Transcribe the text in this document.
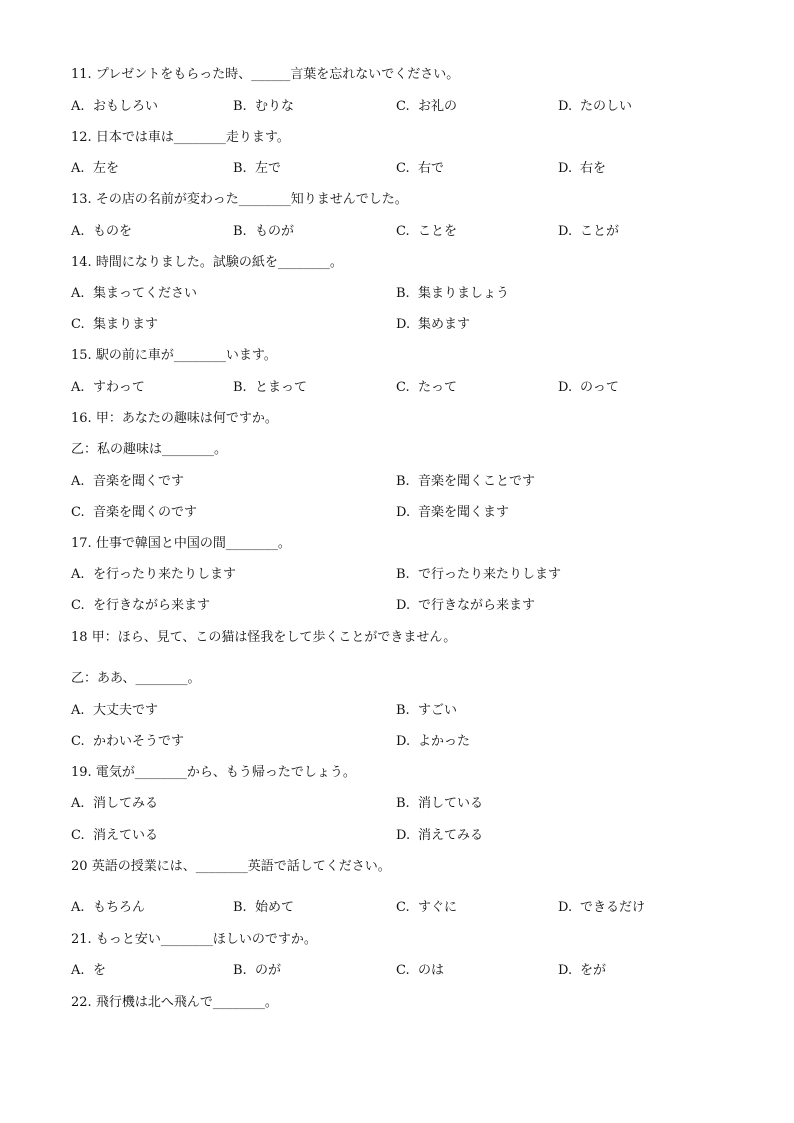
11. プレゼントをもらった時、______言葉を忘れないでください。
A. おもしろい	B. むりな	C. お礼の	D. たのしい
12. 日本では車は________走ります。
A. 左を	B. 左で	C. 右で	D. 右を
13. その店の名前が変わった________知りませんでした。
A. ものを	B. ものが	C. ことを	D. ことが
14. 時間になりました。試験の紙を________。
A. 集まってください	B. 集まりましょう
C. 集まります	D. 集めます
15. 駅の前に車が________います。
A. すわって	B. とまって	C. たって	D. のって
16. 甲：あなたの趣味は何ですか。
乙：私の趣味は________。
A. 音楽を聞くです	B. 音楽を聞くことです
C. 音楽を聞くのです	D. 音楽を聞くます
17. 仕事で韓国と中国の間________。
A. を行ったり来たりします	B. で行ったり来たりします
C. を行きながら来ます	D. で行きながら来ます
18 甲：ほら、見て、この猫は怪我をして歩くことができません。
乙：ああ、________。
A. 大丈夫です	B. すごい
C. かわいそうです	D. よかった
19. 電気が________から、もう帰ったでしょう。
A. 消してみる	B. 消している
C. 消えている	D. 消えてみる
20 英語の授業には、________英語で話してください。
A. もちろん	B. 始めて	C. すぐに	D. できるだけ
21. もっと安い________ほしいのですか。
A. を	B. のが	C. のは	D. をが
22. 飛行機は北へ飛んで________。
